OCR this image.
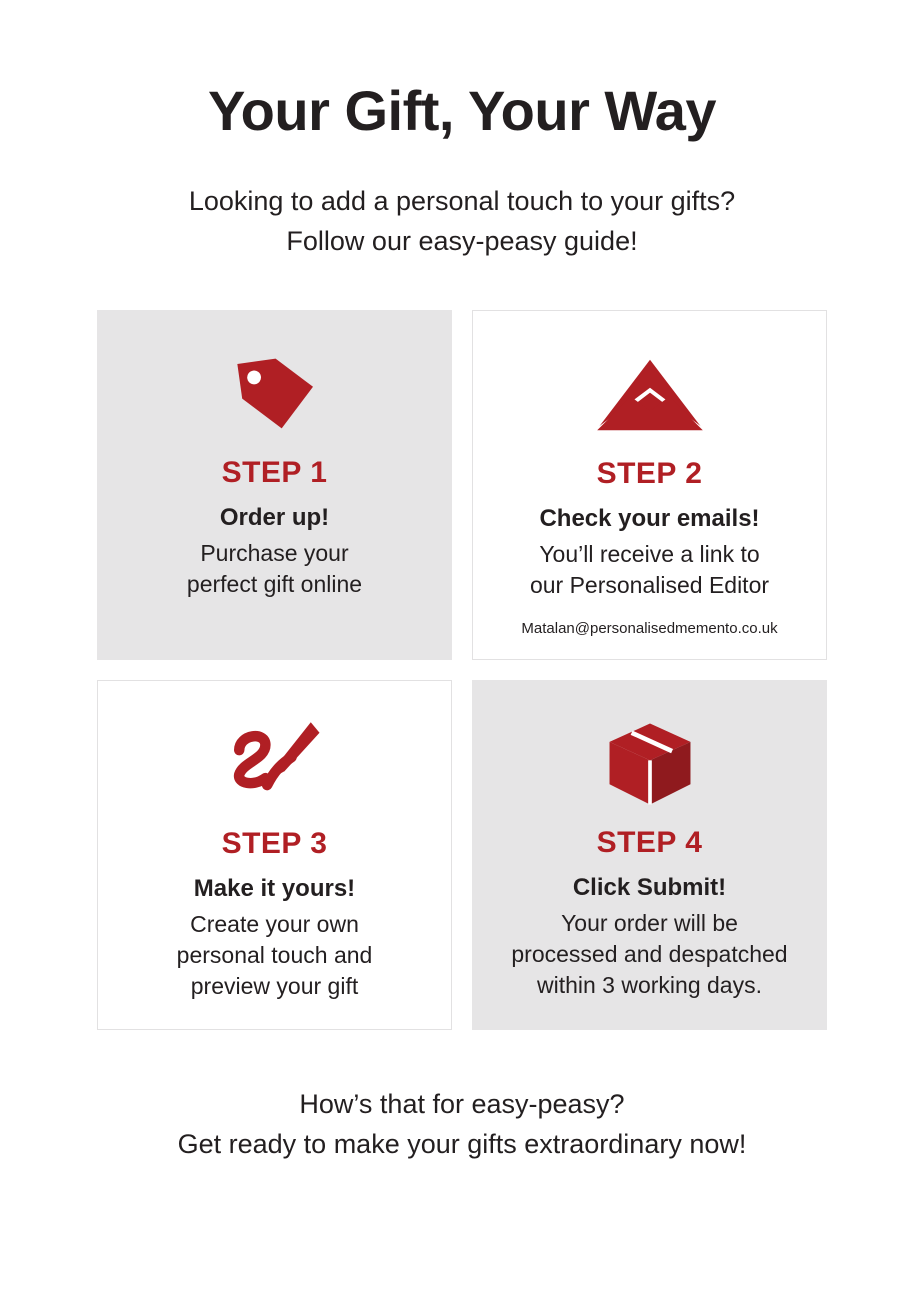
Your Gift, Your Way
Looking to add a personal touch to your gifts?
Follow our easy-peasy guide!
STEP 1
Order up!
Purchase your
perfect gift online
STEP 2
Check your emails!
You’ll receive a link to
our Personalised Editor
Matalan@personalisedmemento.co.uk
STEP 3
Make it yours!
Create your own
personal touch and
preview your gift
STEP 4
Click Submit!
Your order will be
processed and despatched
within 3 working days.
How’s that for easy-peasy?
Get ready to make your gifts extraordinary now!
